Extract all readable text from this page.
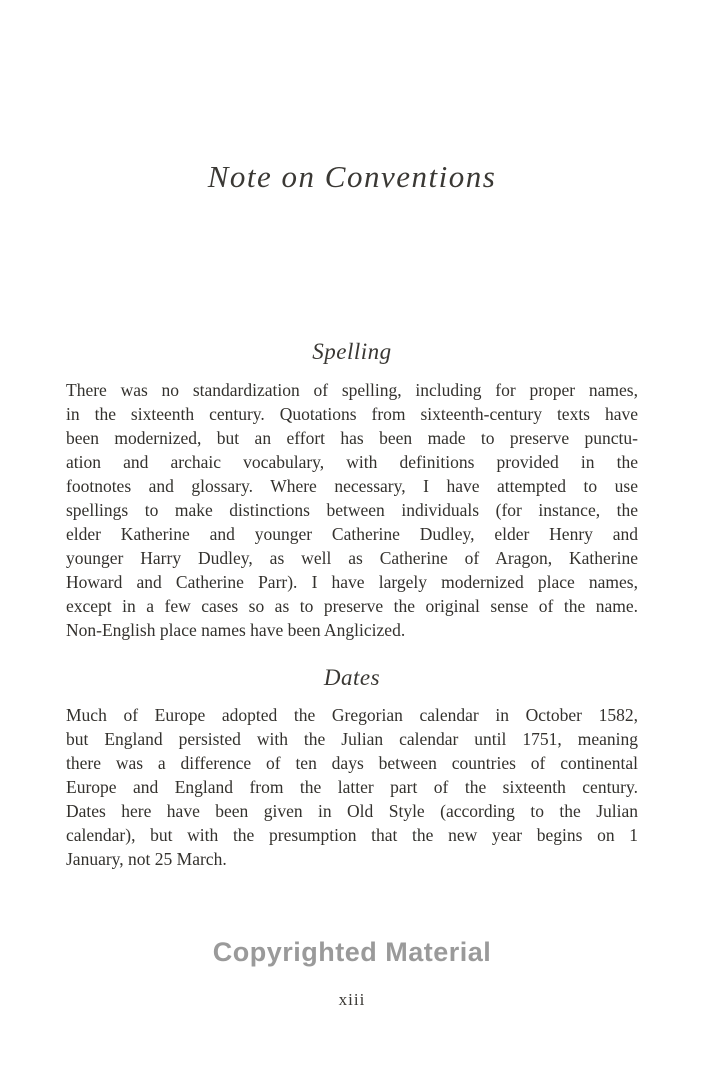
Note on Conventions
Spelling
There was no standardization of spelling, including for proper names,
in the sixteenth century. Quotations from sixteenth-century texts have
been modernized, but an effort has been made to preserve punctu-
ation and archaic vocabulary, with definitions provided in the
footnotes and glossary. Where necessary, I have attempted to use
spellings to make distinctions between individuals (for instance, the
elder Katherine and younger Catherine Dudley, elder Henry and
younger Harry Dudley, as well as Catherine of Aragon, Katherine
Howard and Catherine Parr). I have largely modernized place names,
except in a few cases so as to preserve the original sense of the name.
Non-English place names have been Anglicized.
Dates
Much of Europe adopted the Gregorian calendar in October 1582,
but England persisted with the Julian calendar until 1751, meaning
there was a difference of ten days between countries of continental
Europe and England from the latter part of the sixteenth century.
Dates here have been given in Old Style (according to the Julian
calendar), but with the presumption that the new year begins on 1
January, not 25 March.
Copyrighted Material
xiii
